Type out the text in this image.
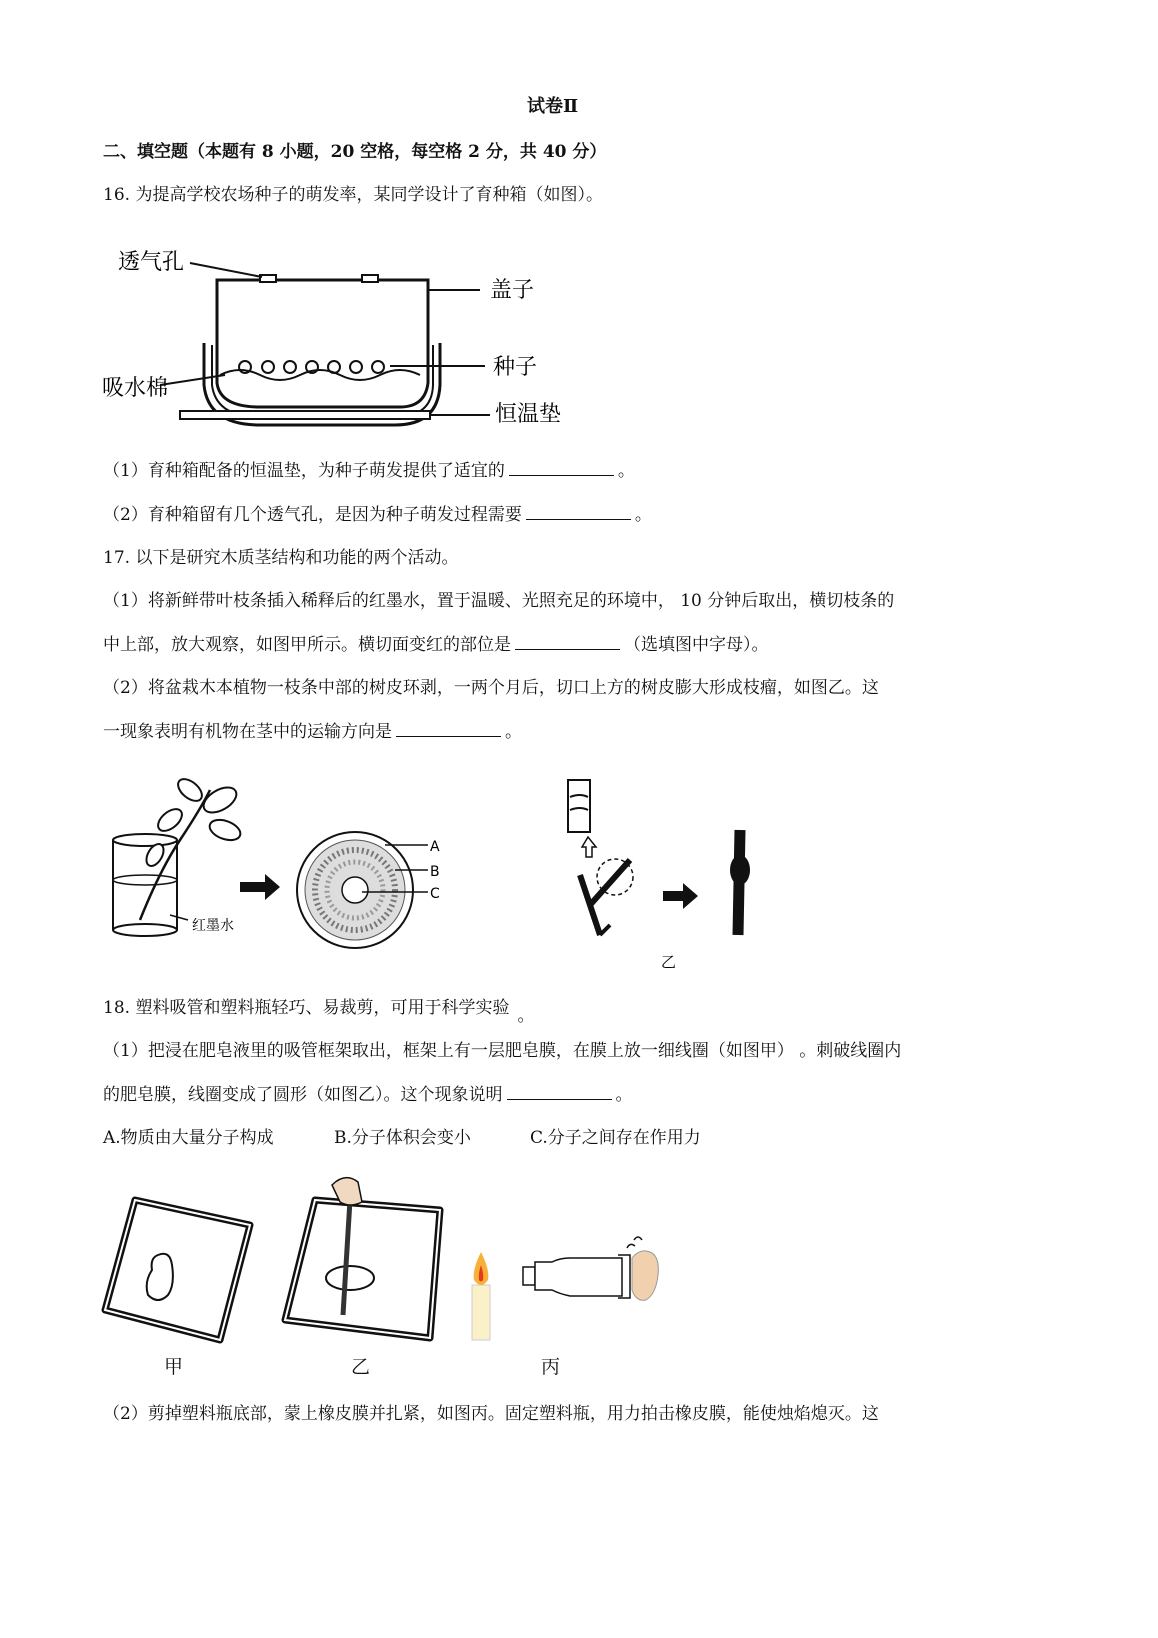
试卷Ⅱ
二、填空题（本题有 8 小题，20 空格，每空格 2 分，共 40 分）
16. 为提高学校农场种子的萌发率，某同学设计了育种箱（如图）。
透气孔
盖子
种子
吸水棉
恒温垫
（1）育种箱配备的恒温垫，为种子萌发提供了适宜的	。
（2）育种箱留有几个透气孔，是因为种子萌发过程需要	。
17. 以下是研究木质茎结构和功能的两个活动。
（1）将新鲜带叶枝条插入稀释后的红墨水，置于温暖、光照充足的环境中， 10 分钟后取出，横切枝条的
中上部，放大观察，如图甲所示。横切面变红的部位是	（选填图中字母）。
（2）将盆栽木本植物一枝条中部的树皮环剥，一两个月后，切口上方的树皮膨大形成枝瘤，如图乙。这
一现象表明有机物在茎中的运输方向是	。
红墨水
A
B
C
乙
18. 塑料吸管和塑料瓶轻巧、易裁剪，可用于科学实验 。
（1）把浸在肥皂液里的吸管框架取出，框架上有一层肥皂膜，在膜上放一细线圈（如图甲） 。刺破线圈内
的肥皂膜，线圈变成了圆形（如图乙）。这个现象说明	。
A.物质由大量分子构成	B.分子体积会变小	C.分子之间存在作用力
甲	乙	丙
（2）剪掉塑料瓶底部，蒙上橡皮膜并扎紧，如图丙。固定塑料瓶，用力拍击橡皮膜，能使烛焰熄灭。这
